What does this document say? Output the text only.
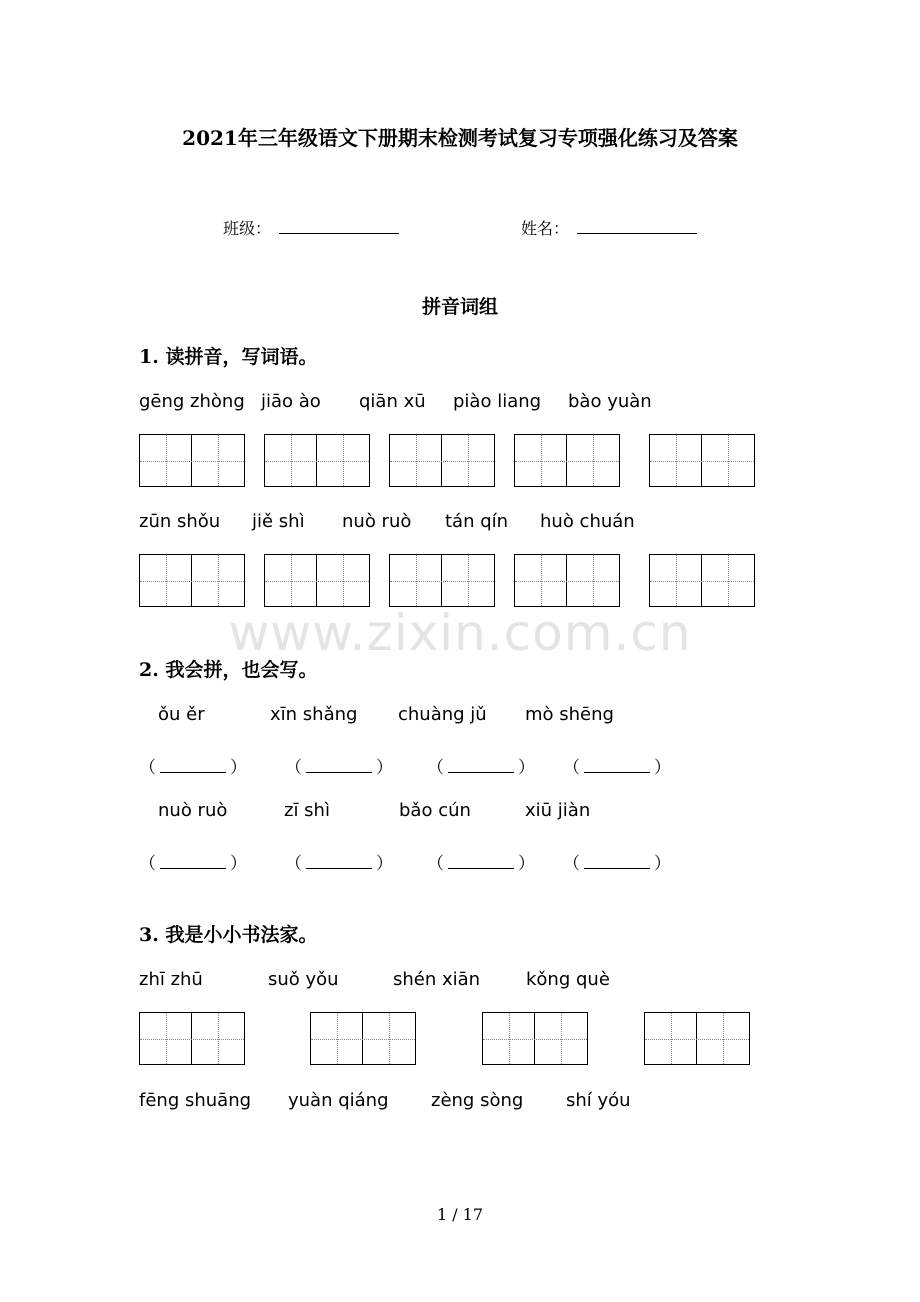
2021年三年级语文下册期末检测考试复习专项强化练习及答案
班级：	姓名：
拼音词组
www.zixin.com.cn
1. 读拼音，写词语。
gēng zhòng jiāo ào qiān xū piào liang bào yuàn
zūn shǒu jiě shì nuò ruò tán qín huò chuán
2. 我会拼，也会写。
ǒu ěr	xīn shǎng chuàng jǔ mò shēng
（	） （	） （	） （	）
nuò ruò	zī shì	bǎo cún	xiū jiàn
（	） （	） （	） （	）
3. 我是小小书法家。
zhī zhū	suǒ yǒu	shén xiān	kǒng què
fēng shuāng yuàn qiáng zèng sòng shí yóu
1 / 17
